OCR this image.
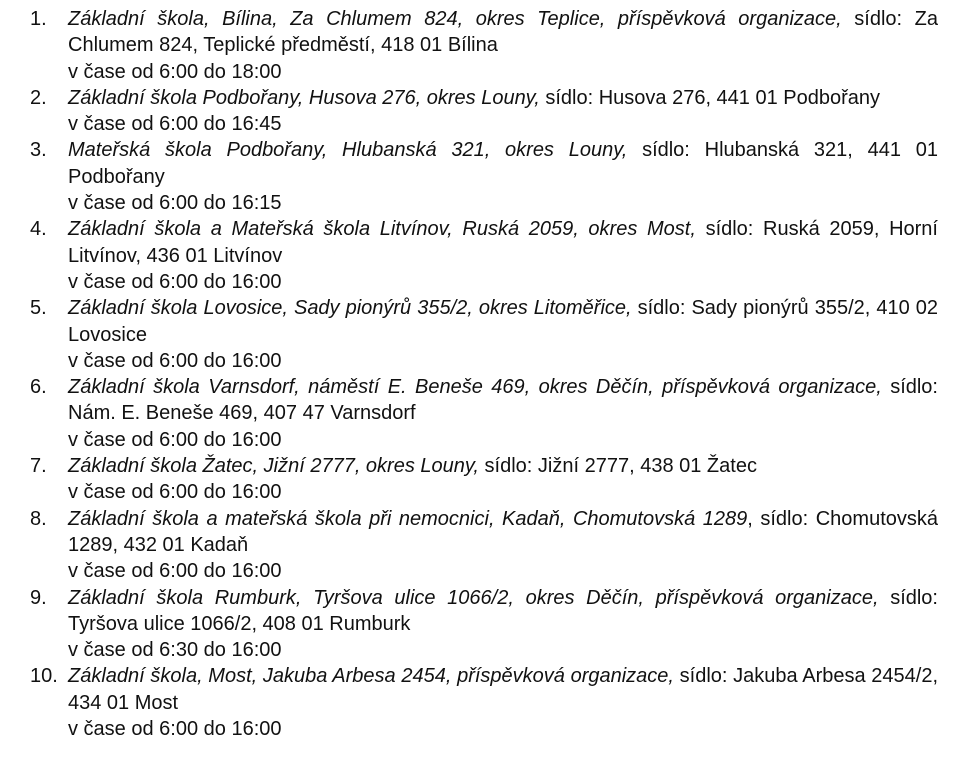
1. Základní škola, Bílina, Za Chlumem 824, okres Teplice, příspěvková organizace, sídlo: Za Chlumem 824, Teplické předměstí, 418 01 Bílina
v čase od 6:00 do 18:00
2. Základní škola Podbořany, Husova 276, okres Louny, sídlo: Husova 276, 441 01 Podbořany
v čase od 6:00 do 16:45
3. Mateřská škola Podbořany, Hlubanská 321, okres Louny, sídlo: Hlubanská 321, 441 01 Podbořany
v čase od 6:00 do 16:15
4. Základní škola a Mateřská škola Litvínov, Ruská 2059, okres Most, sídlo: Ruská 2059, Horní Litvínov, 436 01 Litvínov
v čase od 6:00 do 16:00
5. Základní škola Lovosice, Sady pionýrů 355/2, okres Litoměřice, sídlo: Sady pionýrů 355/2, 410 02 Lovosice
v čase od 6:00 do 16:00
6. Základní škola Varnsdorf, náměstí E. Beneše 469, okres Děčín, příspěvková organizace, sídlo: Nám. E. Beneše 469, 407 47 Varnsdorf
v čase od 6:00 do 16:00
7. Základní škola Žatec, Jižní 2777, okres Louny, sídlo: Jižní 2777, 438 01 Žatec
v čase od 6:00 do 16:00
8. Základní škola a mateřská škola při nemocnici, Kadaň, Chomutovská 1289, sídlo: Chomutovská 1289, 432 01 Kadaň
v čase od 6:00 do 16:00
9. Základní škola Rumburk, Tyršova ulice 1066/2, okres Děčín, příspěvková organizace, sídlo: Tyršova ulice 1066/2, 408 01 Rumburk
v čase od 6:30 do 16:00
10. Základní škola, Most, Jakuba Arbesa 2454, příspěvková organizace, sídlo: Jakuba Arbesa 2454/2, 434 01 Most
v čase od 6:00 do 16:00
